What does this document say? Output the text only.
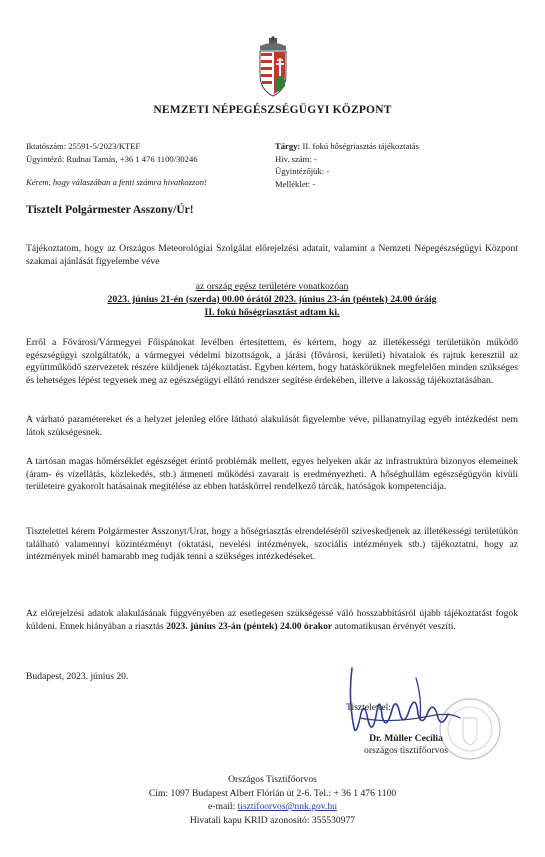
NEMZETI NÉPEGÉSZSÉGÜGYI KÖZPONT
Iktatószám: 25591-5/2023/KTEF
Ügyintéző: Rudnai Tamás, +36 1 476 1100/30246
Kérem, hogy válaszában a fenti számra hivatkozzon!
Tárgy: II. fokú hőségriasztás tájékoztatás
Hiv. szám: -
Ügyintézőjük: -
Melléklet: -
Tisztelt Polgármester Asszony/Úr!
Tájékoztatom, hogy az Országos Meteorológiai Szolgálat előrejelzési adatait, valamint a Nemzeti Népegészségügyi Központ szakmai ajánlását figyelembe véve
az ország egész területére vonatkozóan
2023. június 21-én (szerda) 00.00 órától 2023. június 23-án (péntek) 24.00 óráig
II. fokú hőségriasztást adtam ki.
Erről a Fővárosi/Vármegyei Főispánokat levélben értesítettem, és kértem, hogy az illetékességi területükön működő egészségügyi szolgáltatók, a vármegyei védelmi bizottságok, a járási (fővárosi, kerületi) hivatalok és rajtuk keresztül az együttműködő szervezetek részére küldjenek tájékoztatást. Egyben kértem, hogy hatáskörüknek megfelelően minden szükséges és lehetséges lépést tegyenek meg az egészségügyi ellátó rendszer segítése érdekében, illetve a lakosság tájékoztatásában.
A várható paramétereket és a helyzet jelenleg előre látható alakulását figyelembe véve, pillanatnyilag egyéb intézkedést nem látok szükségesnek.
A tartósan magas hőmérséklet egészséget érintő problémák mellett, egyes helyeken akár az infrastruktúra bizonyos elemeinek (áram- és vízellátás, közlekedés, stb.) átmeneti működési zavarait is eredményezheti. A hőséghullám egészségügyön kívüli területeire gyakorolt hatásainak megítélése az ebben hatáskörrel rendelkező tárcák, hatóságok kompetenciája.
Tisztelettel kérem Polgármester Asszonyt/Urat, hogy a hőségriasztás elrendeléséről szíveskedjenek az illetékességi területükön található valamennyi közintézményt (oktatási, nevelési intézmények, szociális intézmények stb.) tájékoztatni, hogy az intézmények minél hamarabb meg tudják tenni a szükséges intézkedéseket.
Az előrejelzési adatok alakulásának függvényében az esetlegesen szükségessé váló hosszabbításról újabb tájékoztatást fogok küldeni. Ennek hiányában a riasztás 2023. június 23-án (péntek) 24.00 órakor automatikusan érvényét veszíti.
Budapest, 2023. június 20.
Tisztelettel:
Dr. Müller Cecília
országos tisztifőorvos
Országos Tisztifőorvos
Cím: 1097 Budapest Albert Flórián út 2-6. Tel.: + 36 1 476 1100
e-mail: tisztifoorvos@nnk.gov.hu
Hivatali kapu KRID azonosító: 355530977
